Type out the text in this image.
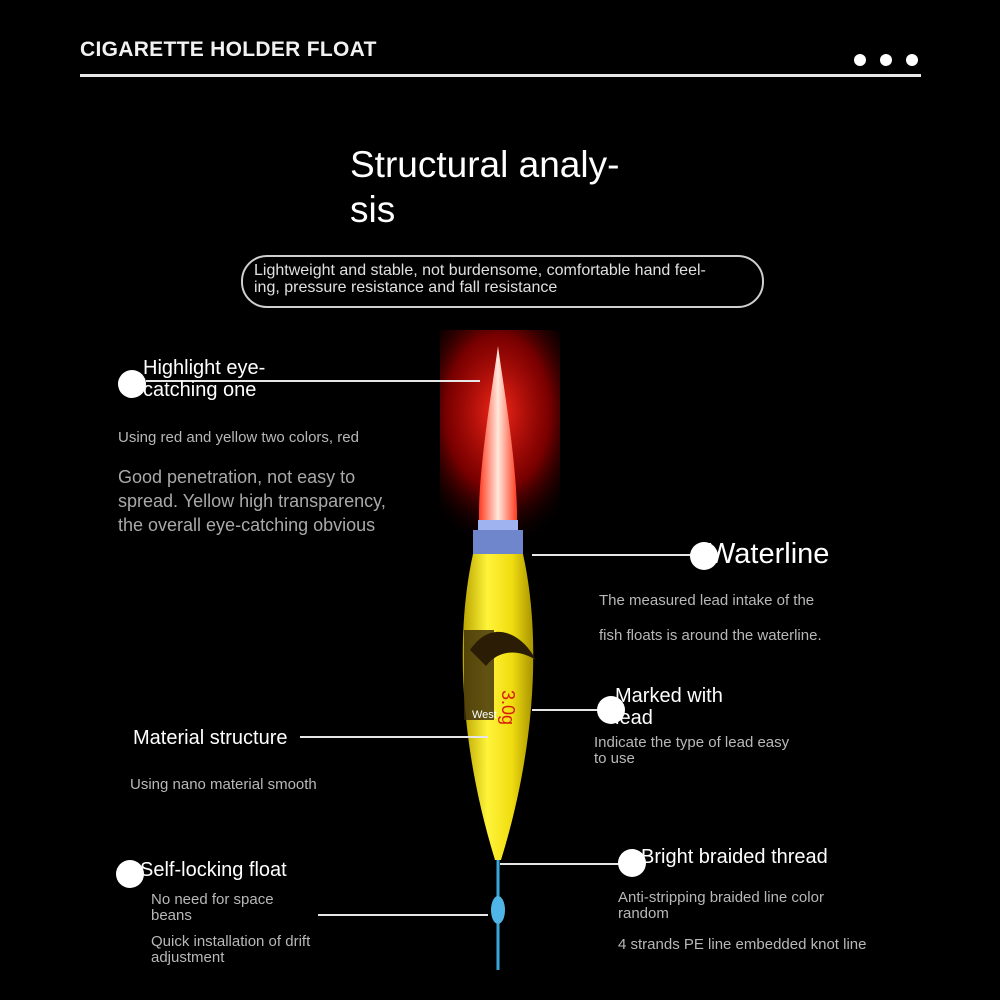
CIGARETTE HOLDER FLOAT
Structural analy-
sis
Lightweight and stable, not burdensome, comfortable hand feel-
ing, pressure resistance and fall resistance
3.0g
West
Highlight eye-
catching one
Using red and yellow two colors, red
Good penetration, not easy to
spread. Yellow high transparency,
the overall eye-catching obvious
Waterline
The measured lead intake of the
fish floats is around the waterline.
Marked with
lead
Indicate the type of lead easy
to use
Material structure
Using nano material smooth
Bright braided thread
Anti-stripping braided line color
random
4 strands PE line embedded knot line
Self-locking float
No need for space
beans
Quick installation of drift
adjustment
